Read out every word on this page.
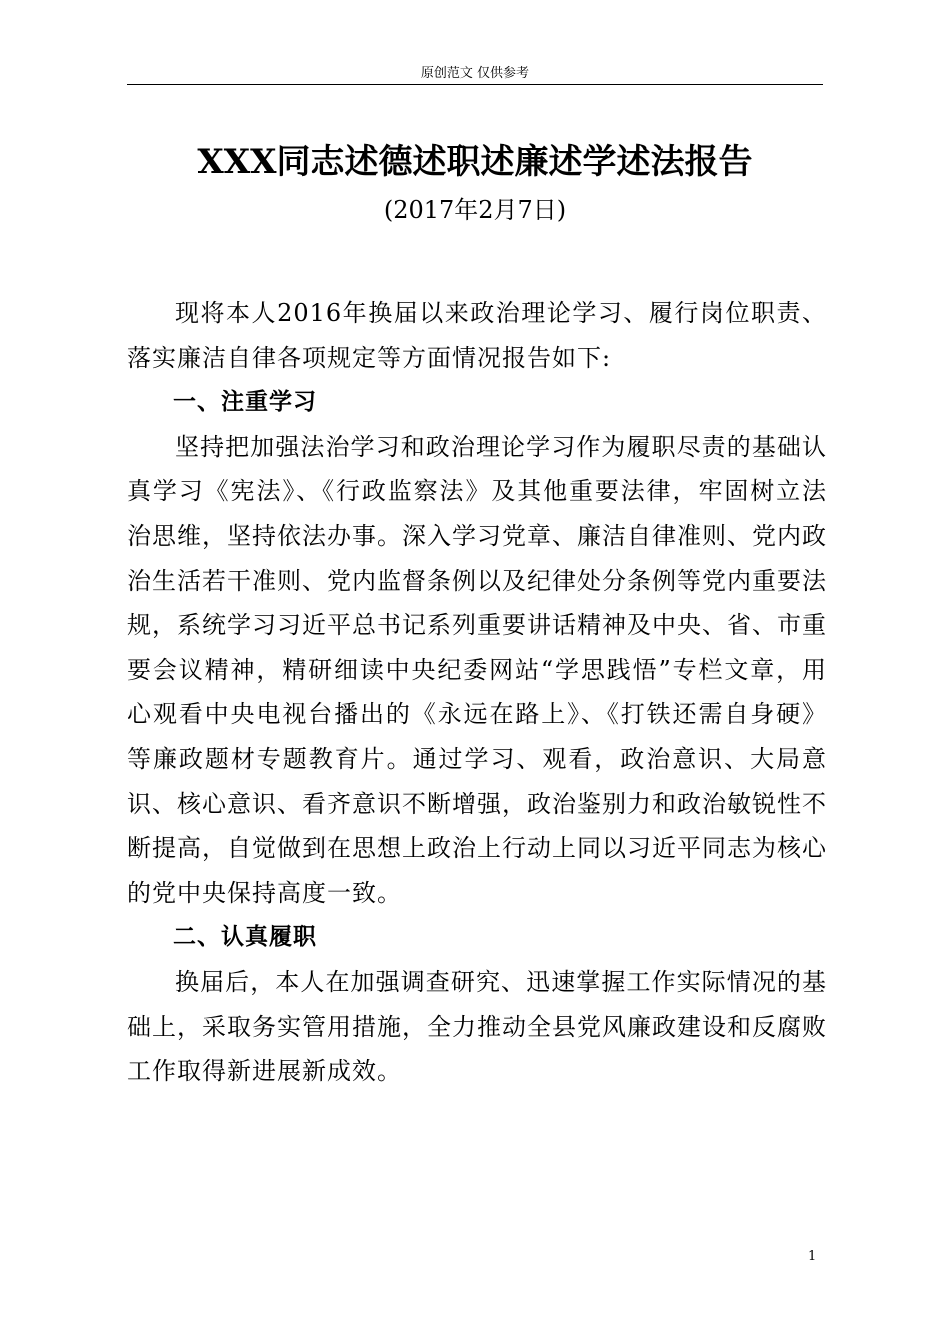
原创范文 仅供参考
XXX同志述德述职述廉述学述法报告
(2017年2月7日)

现将本人2016年换届以来政治理论学习、履行岗位职责、落实廉洁自律各项规定等方面情况报告如下:

一、注重学习

坚持把加强法治学习和政治理论学习作为履职尽责的基础认真学习《宪法》、《行政监察法》及其他重要法律，牢固树立法治思维，坚持依法办事。深入学习党章、廉洁自律准则、党内政治生活若干准则、党内监督条例以及纪律处分条例等党内重要法规，系统学习习近平总书记系列重要讲话精神及中央、省、市重要会议精神，精研细读中央纪委网站“学思践悟”专栏文章，用心观看中央电视台播出的《永远在路上》、《打铁还需自身硬》等廉政题材专题教育片。通过学习、观看，政治意识、大局意识、核心意识、看齐意识不断增强，政治鉴别力和政治敏锐性不断提高，自觉做到在思想上政治上行动上同以习近平同志为核心的党中央保持高度一致。

二、认真履职

换届后，本人在加强调查研究、迅速掌握工作实际情况的基础上，采取务实管用措施，全力推动全县党风廉政建设和反腐败工作取得新进展新成效。

1
